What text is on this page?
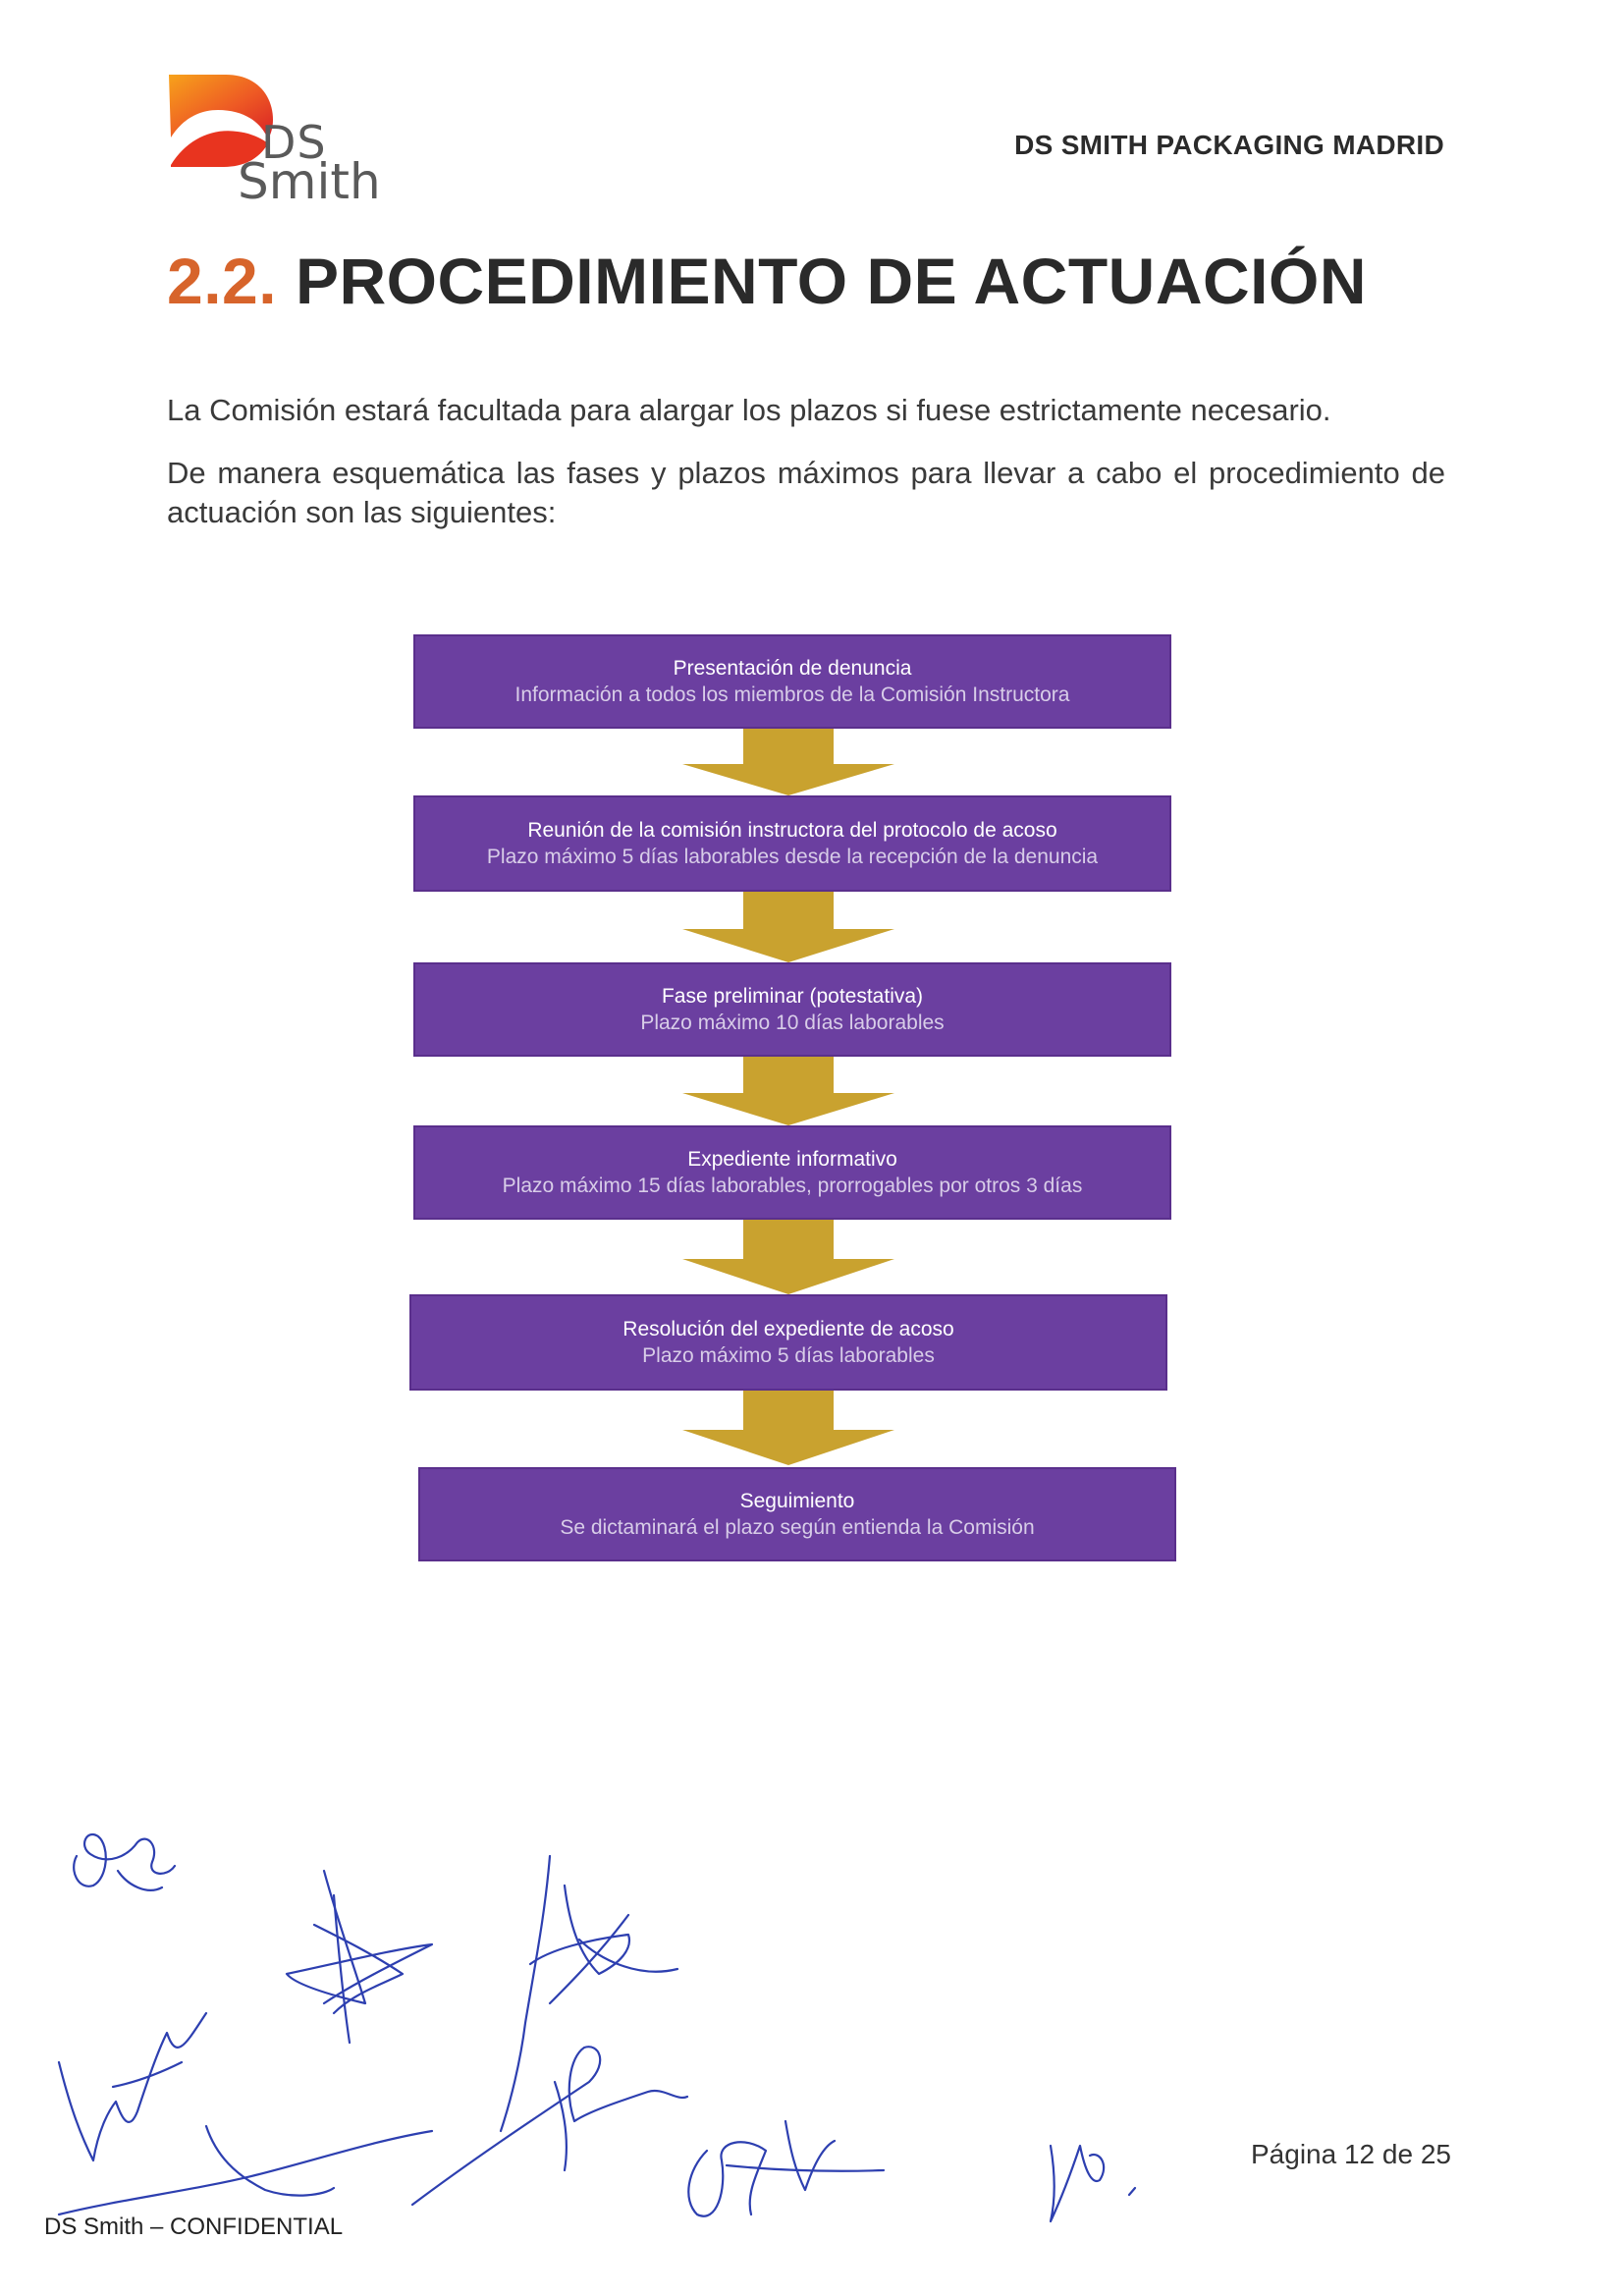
DS
Smith
DS SMITH PACKAGING MADRID
2.2. PROCEDIMIENTO DE ACTUACIÓN

La Comisión estará facultada para alargar los plazos si fuese estrictamente necesario.

De manera esquemática las fases y plazos máximos para llevar a cabo el procedimiento de actuación son las siguientes:

Presentación de denuncia
Información a todos los miembros de la Comisión Instructora
Reunión de la comisión instructora del protocolo de acoso
Plazo máximo 5 días laborables desde la recepción de la denuncia
Fase preliminar (potestativa)
Plazo máximo 10 días laborables
Expediente informativo
Plazo máximo 15 días laborables, prorrogables por otros 3 días
Resolución del expediente de acoso
Plazo máximo 5 días laborables
Seguimiento
Se dictaminará el plazo según entienda la Comisión
Página 12 de 25
DS Smith – CONFIDENTIAL
